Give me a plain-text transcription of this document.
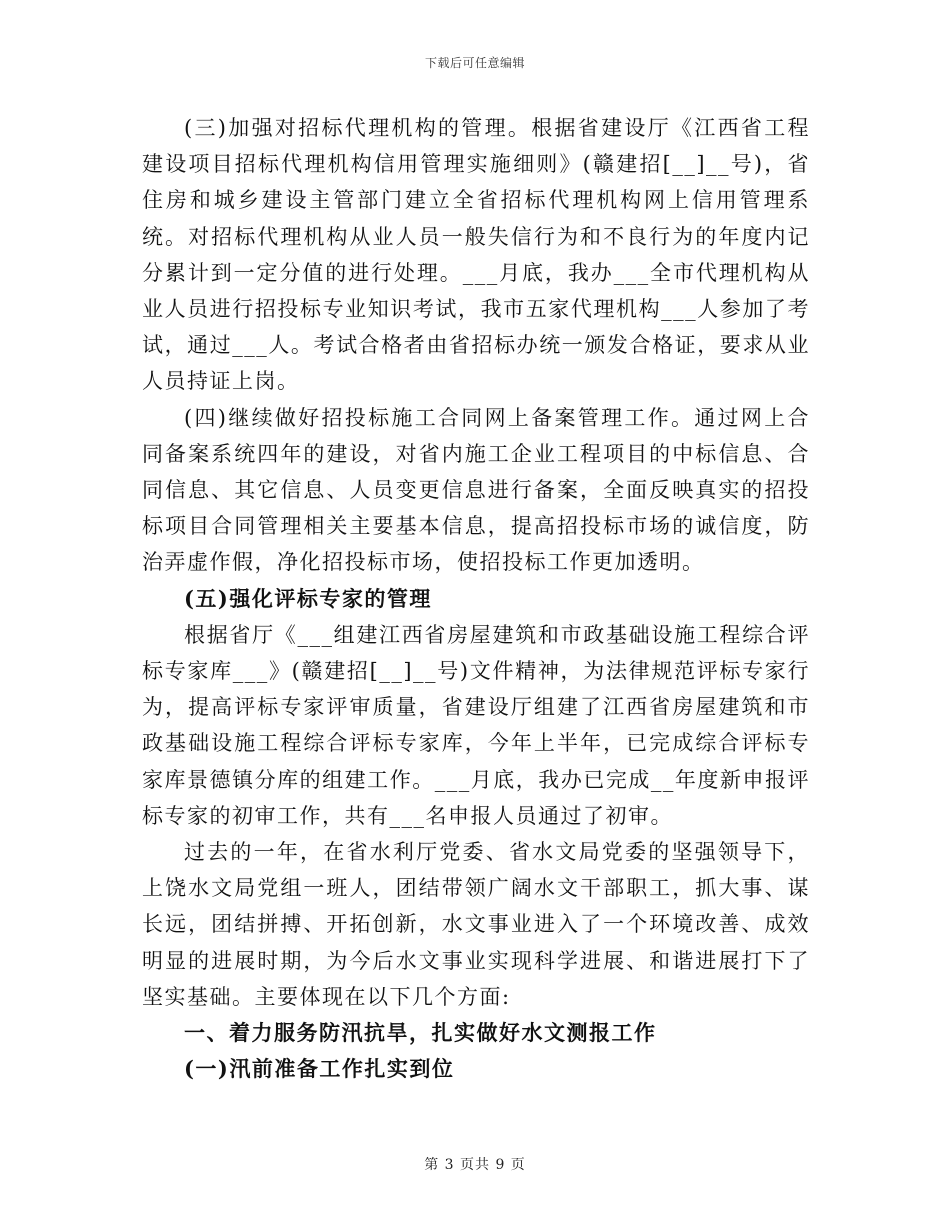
下载后可任意编辑

(三)加强对招标代理机构的管理。根据省建设厅《江西省工程建设项目招标代理机构信用管理实施细则》(赣建招[__]__号)，省住房和城乡建设主管部门建立全省招标代理机构网上信用管理系统。对招标代理机构从业人员一般失信行为和不良行为的年度内记分累计到一定分值的进行处理。___月底，我办___全市代理机构从业人员进行招投标专业知识考试，我市五家代理机构___人参加了考试，通过___人。考试合格者由省招标办统一颁发合格证，要求从业人员持证上岗。

(四)继续做好招投标施工合同网上备案管理工作。通过网上合同备案系统四年的建设，对省内施工企业工程项目的中标信息、合同信息、其它信息、人员变更信息进行备案，全面反映真实的招投标项目合同管理相关主要基本信息，提高招投标市场的诚信度，防治弄虚作假，净化招投标市场，使招投标工作更加透明。

(五)强化评标专家的管理

根据省厅《___组建江西省房屋建筑和市政基础设施工程综合评标专家库___》(赣建招[__]__号)文件精神，为法律规范评标专家行为，提高评标专家评审质量，省建设厅组建了江西省房屋建筑和市政基础设施工程综合评标专家库，今年上半年，已完成综合评标专家库景德镇分库的组建工作。___月底，我办已完成__年度新申报评标专家的初审工作，共有___名申报人员通过了初审。

过去的一年，在省水利厅党委、省水文局党委的坚强领导下，上饶水文局党组一班人，团结带领广阔水文干部职工，抓大事、谋长远，团结拼搏、开拓创新，水文事业进入了一个环境改善、成效明显的进展时期，为今后水文事业实现科学进展、和谐进展打下了坚实基础。主要体现在以下几个方面:

一、着力服务防汛抗旱，扎实做好水文测报工作

(一)汛前准备工作扎实到位

第 3 页共 9 页
